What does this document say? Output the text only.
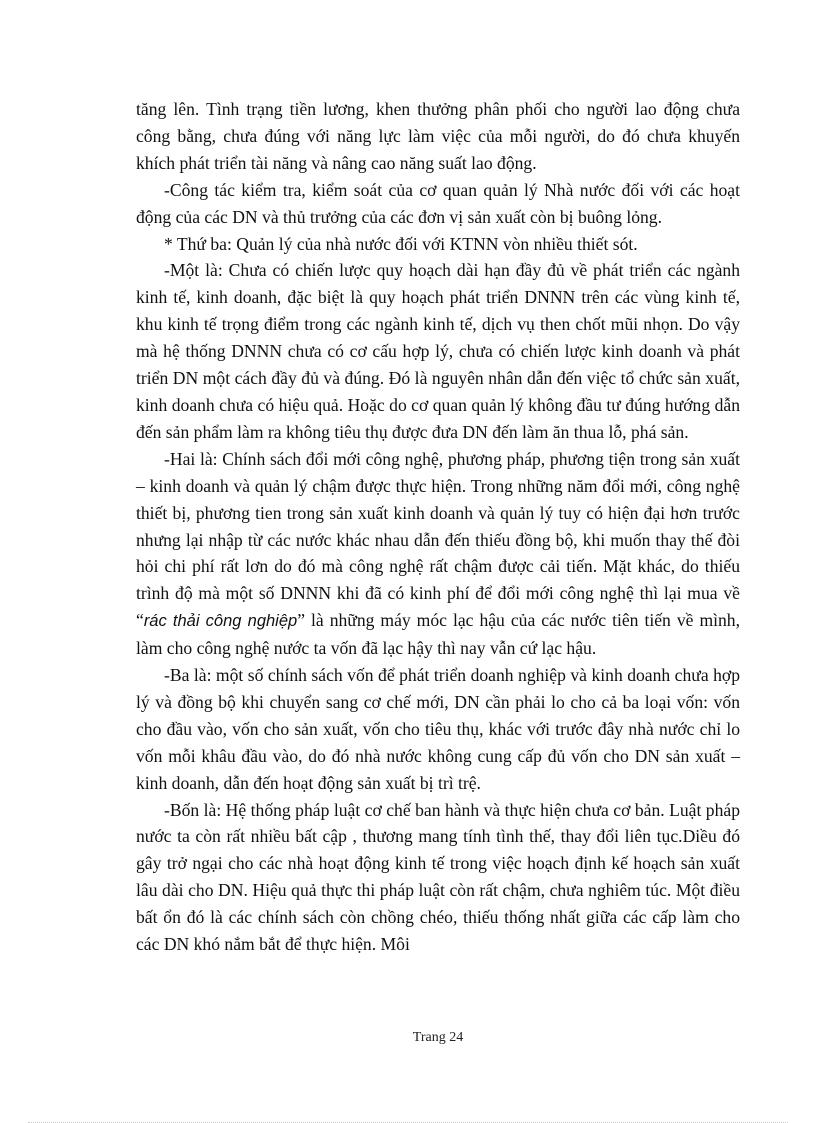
tăng lên. Tình trạng tiền lương, khen thưởng phân phối cho người lao động chưa công bằng, chưa đúng với năng lực làm việc của mỗi người, do đó chưa khuyến khích phát triển tài năng và nâng cao năng suất lao động.

-Công tác kiểm tra, kiểm soát của cơ quan quản lý Nhà nước đối với các hoạt động của các DN và thủ trưởng của các đơn vị sản xuất còn bị buông lỏng.

* Thứ ba: Quản lý của nhà nước đối với KTNN vòn nhiều thiết sót.

-Một là: Chưa có chiến lược quy hoạch dài hạn đầy đủ về phát triển các ngành kinh tế, kinh doanh, đặc biệt là quy hoạch phát triển DNNN trên các vùng kinh tế, khu kinh tế trọng điểm trong các ngành kinh tế, dịch vụ then chốt mũi nhọn. Do vậy mà hệ thống DNNN chưa có cơ cấu hợp lý, chưa có chiến lược kinh doanh và phát triển DN một cách đầy đủ và đúng. Đó là nguyên nhân dẫn đến việc tổ chức sản xuất, kinh doanh chưa có hiệu quả. Hoặc do cơ quan quản lý không đầu tư đúng hướng dẫn đến sản phẩm làm ra không tiêu thụ được đưa DN đến làm ăn thua lỗ, phá sản.

-Hai là: Chính sách đổi mới công nghệ, phương pháp, phương tiện trong sản xuất – kinh doanh và quản lý chậm được thực hiện. Trong những năm đổi mới, công nghệ thiết bị, phương tien trong sản xuất kinh doanh và quản lý tuy có hiện đại hơn trước nhưng lại nhập từ các nước khác nhau dẫn đến thiếu đồng bộ, khi muốn thay thế đòi hỏi chi phí rất lơn do đó mà công nghệ rất chậm được cải tiến. Mặt khác, do thiếu trình độ mà một số DNNN khi đã có kinh phí để đổi mới công nghệ thì lại mua về “rác thải công nghiệp” là những máy móc lạc hậu của các nước tiên tiến về mình, làm cho công nghệ nước ta vốn đã lạc hậy thì nay vẫn cứ lạc hậu.

-Ba là: một số chính sách vốn để phát triển doanh nghiệp và kinh doanh chưa hợp lý và đồng bộ khi chuyển sang cơ chế mới, DN cần phải lo cho cả ba loại vốn: vốn cho đầu vào, vốn cho sản xuất, vốn cho tiêu thụ, khác với trước đây nhà nước chỉ lo vốn mỗi khâu đầu vào, do đó nhà nước không cung cấp đủ vốn cho DN sản xuất – kinh doanh, dẫn đến hoạt động sản xuất bị trì trệ.

-Bốn là: Hệ thống pháp luật cơ chế ban hành và thực hiện chưa cơ bản. Luật pháp nước ta còn rất nhiều bất cập , thương mang tính tình thế, thay đổi liên tục.Diều đó gây trở ngại cho các nhà hoạt động kinh tế trong việc hoạch định kế hoạch sản xuất lâu dài cho DN. Hiệu quả thực thi pháp luật còn rất chậm, chưa nghiêm túc. Một điều bất ổn đó là các chính sách còn chồng chéo, thiếu thống nhất giữa các cấp làm cho các DN khó nắm bắt để thực hiện. Môi

Trang 24
